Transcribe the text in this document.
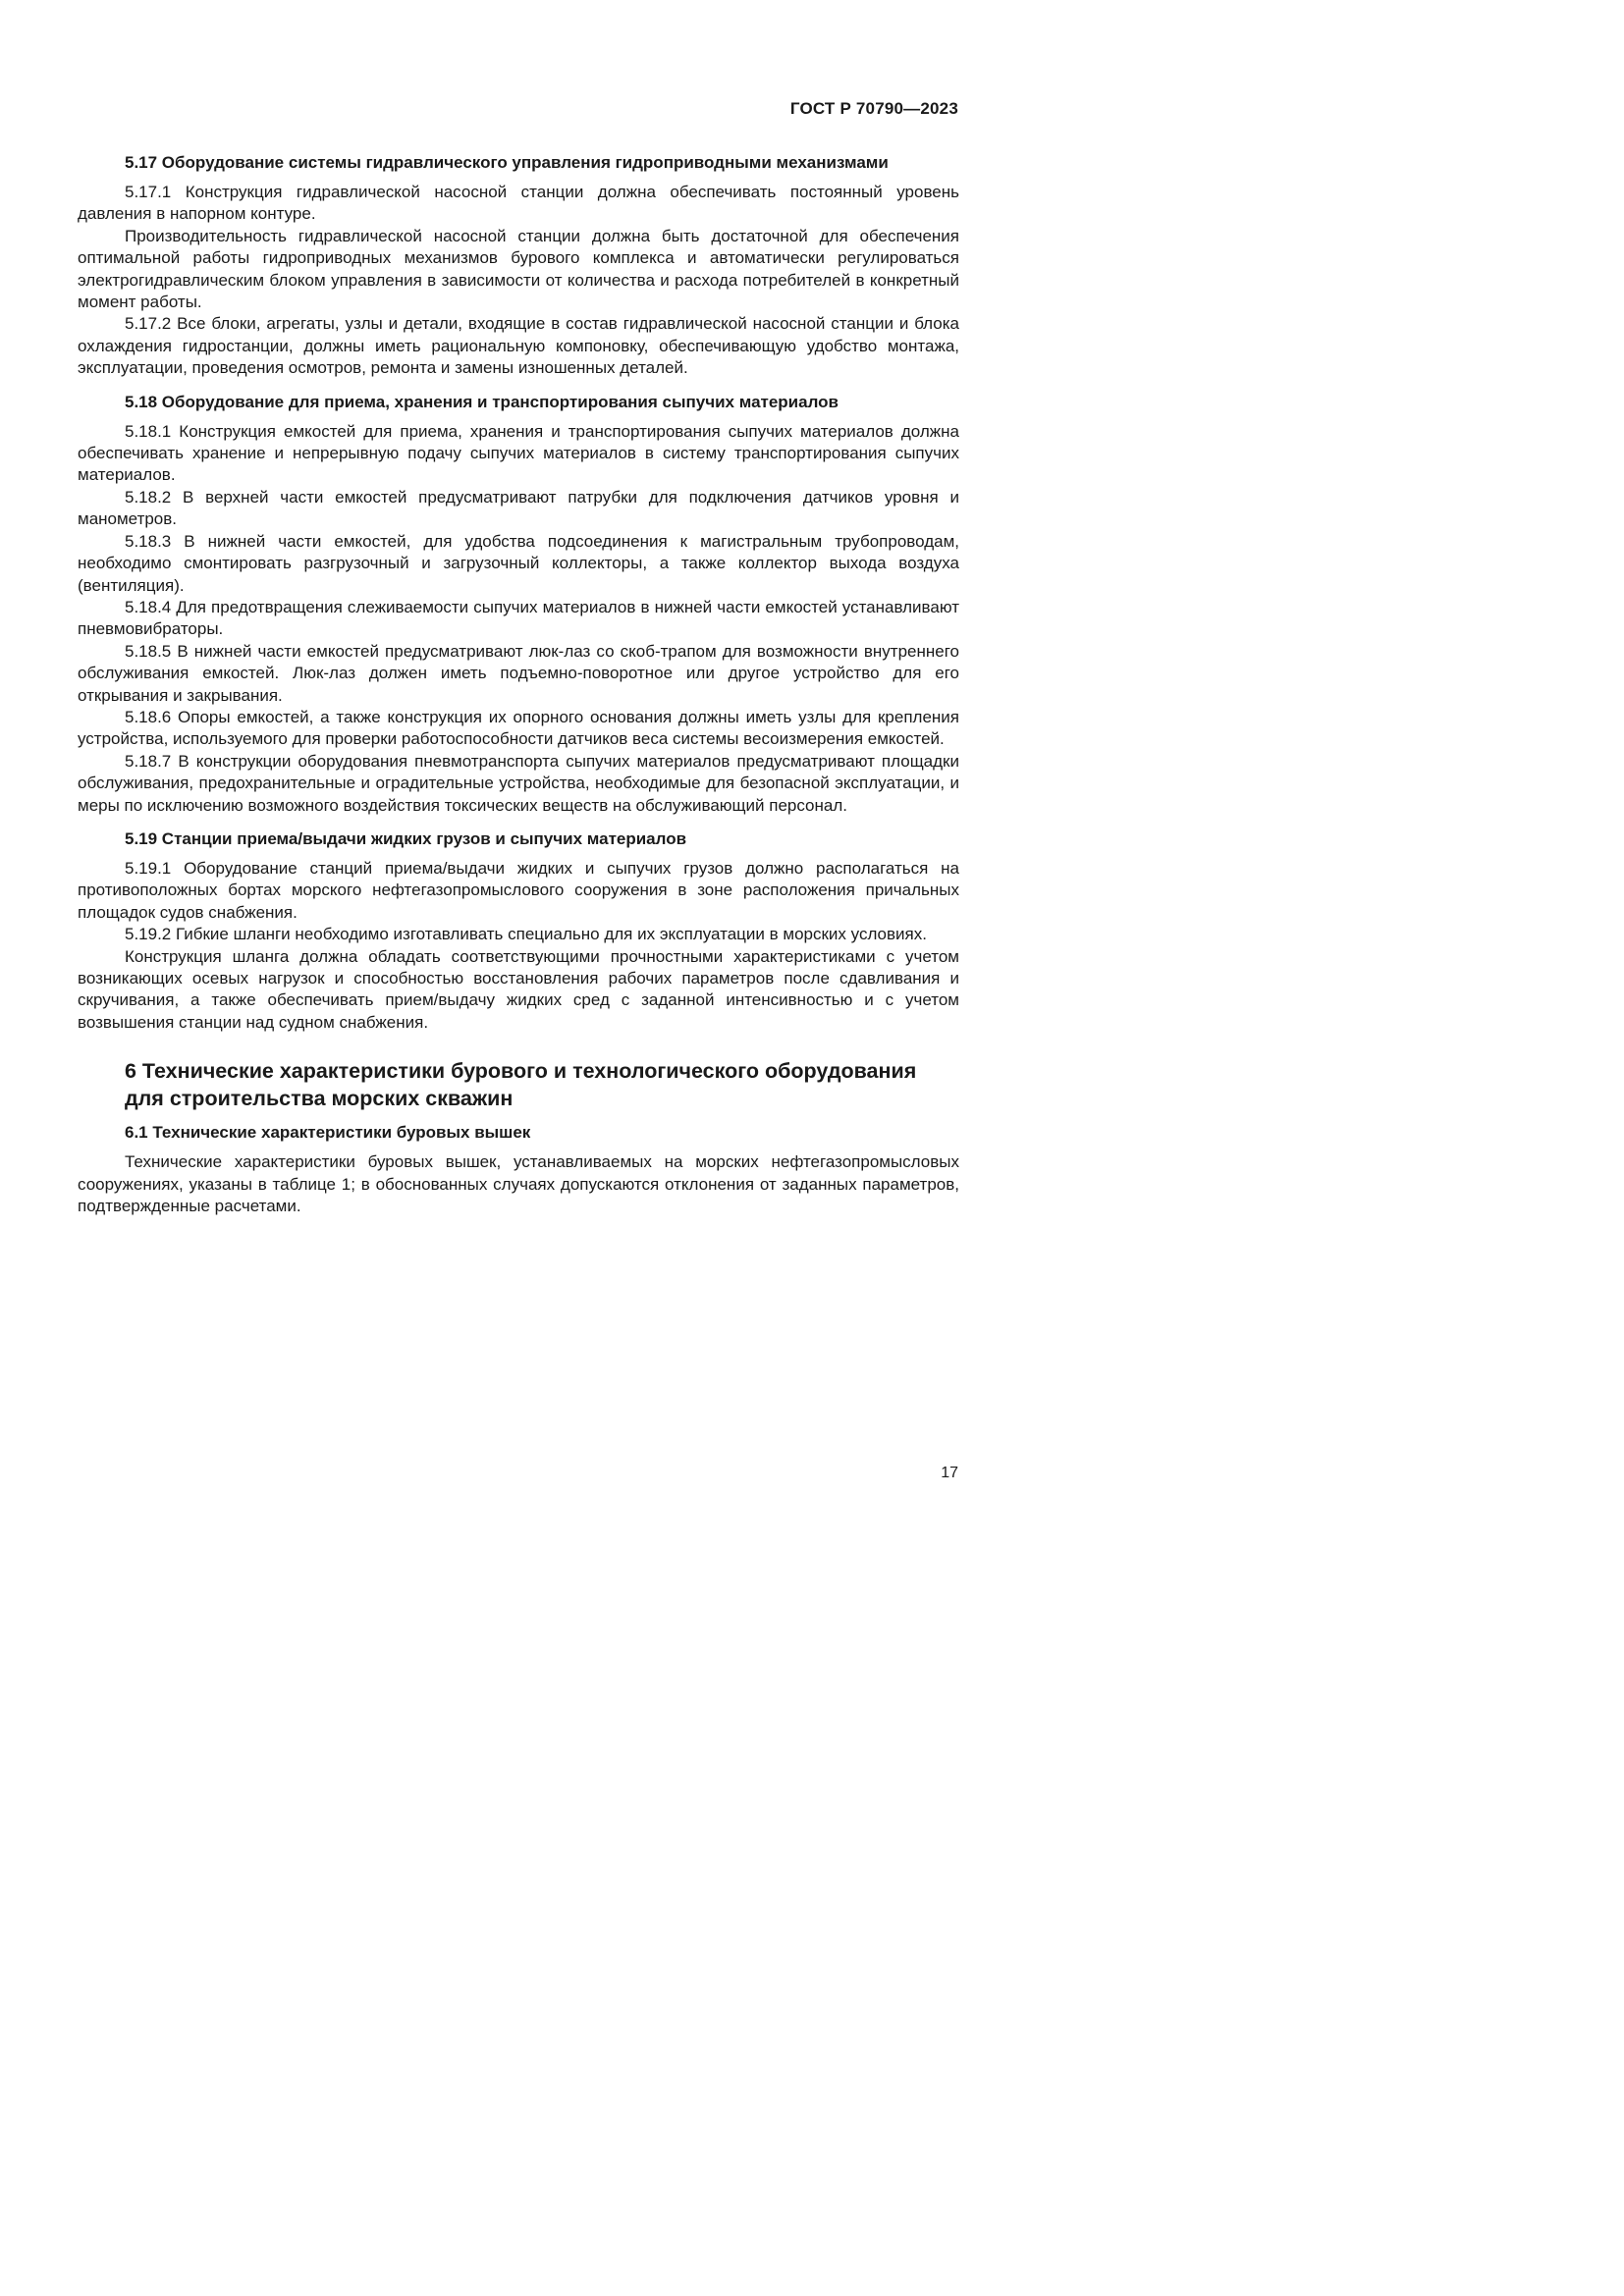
ГОСТ Р 70790—2023
5.17 Оборудование системы гидравлического управления гидроприводными механизмами

5.17.1 Конструкция гидравлической насосной станции должна обеспечивать постоянный уровень давления в напорном контуре.

Производительность гидравлической насосной станции должна быть достаточной для обеспечения оптимальной работы гидроприводных механизмов бурового комплекса и автоматически регулироваться электрогидравлическим блоком управления в зависимости от количества и расхода потребителей в конкретный момент работы.

5.17.2 Все блоки, агрегаты, узлы и детали, входящие в состав гидравлической насосной станции и блока охлаждения гидростанции, должны иметь рациональную компоновку, обеспечивающую удобство монтажа, эксплуатации, проведения осмотров, ремонта и замены изношенных деталей.

5.18 Оборудование для приема, хранения и транспортирования сыпучих материалов

5.18.1 Конструкция емкостей для приема, хранения и транспортирования сыпучих материалов должна обеспечивать хранение и непрерывную подачу сыпучих материалов в систему транспортирования сыпучих материалов.

5.18.2 В верхней части емкостей предусматривают патрубки для подключения датчиков уровня и манометров.

5.18.3 В нижней части емкостей, для удобства подсоединения к магистральным трубопроводам, необходимо смонтировать разгрузочный и загрузочный коллекторы, а также коллектор выхода воздуха (вентиляция).

5.18.4 Для предотвращения слеживаемости сыпучих материалов в нижней части емкостей устанавливают пневмовибраторы.

5.18.5 В нижней части емкостей предусматривают люк-лаз со скоб-трапом для возможности внутреннего обслуживания емкостей. Люк-лаз должен иметь подъемно-поворотное или другое устройство для его открывания и закрывания.

5.18.6 Опоры емкостей, а также конструкция их опорного основания должны иметь узлы для крепления устройства, используемого для проверки работоспособности датчиков веса системы весоизмерения емкостей.

5.18.7 В конструкции оборудования пневмотранспорта сыпучих материалов предусматривают площадки обслуживания, предохранительные и оградительные устройства, необходимые для безопасной эксплуатации, и меры по исключению возможного воздействия токсических веществ на обслуживающий персонал.

5.19 Станции приема/выдачи жидких грузов и сыпучих материалов

5.19.1 Оборудование станций приема/выдачи жидких и сыпучих грузов должно располагаться на противоположных бортах морского нефтегазопромыслового сооружения в зоне расположения причальных площадок судов снабжения.

5.19.2 Гибкие шланги необходимо изготавливать специально для их эксплуатации в морских условиях.

Конструкция шланга должна обладать соответствующими прочностными характеристиками с учетом возникающих осевых нагрузок и способностью восстановления рабочих параметров после сдавливания и скручивания, а также обеспечивать прием/выдачу жидких сред с заданной интенсивностью и с учетом возвышения станции над судном снабжения.

6 Технические характеристики бурового и технологического оборудования для строительства морских скважин
6.1 Технические характеристики буровых вышек

Технические характеристики буровых вышек, устанавливаемых на морских нефтегазопромысловых сооружениях, указаны в таблице 1; в обоснованных случаях допускаются отклонения от заданных параметров, подтвержденные расчетами.

17
